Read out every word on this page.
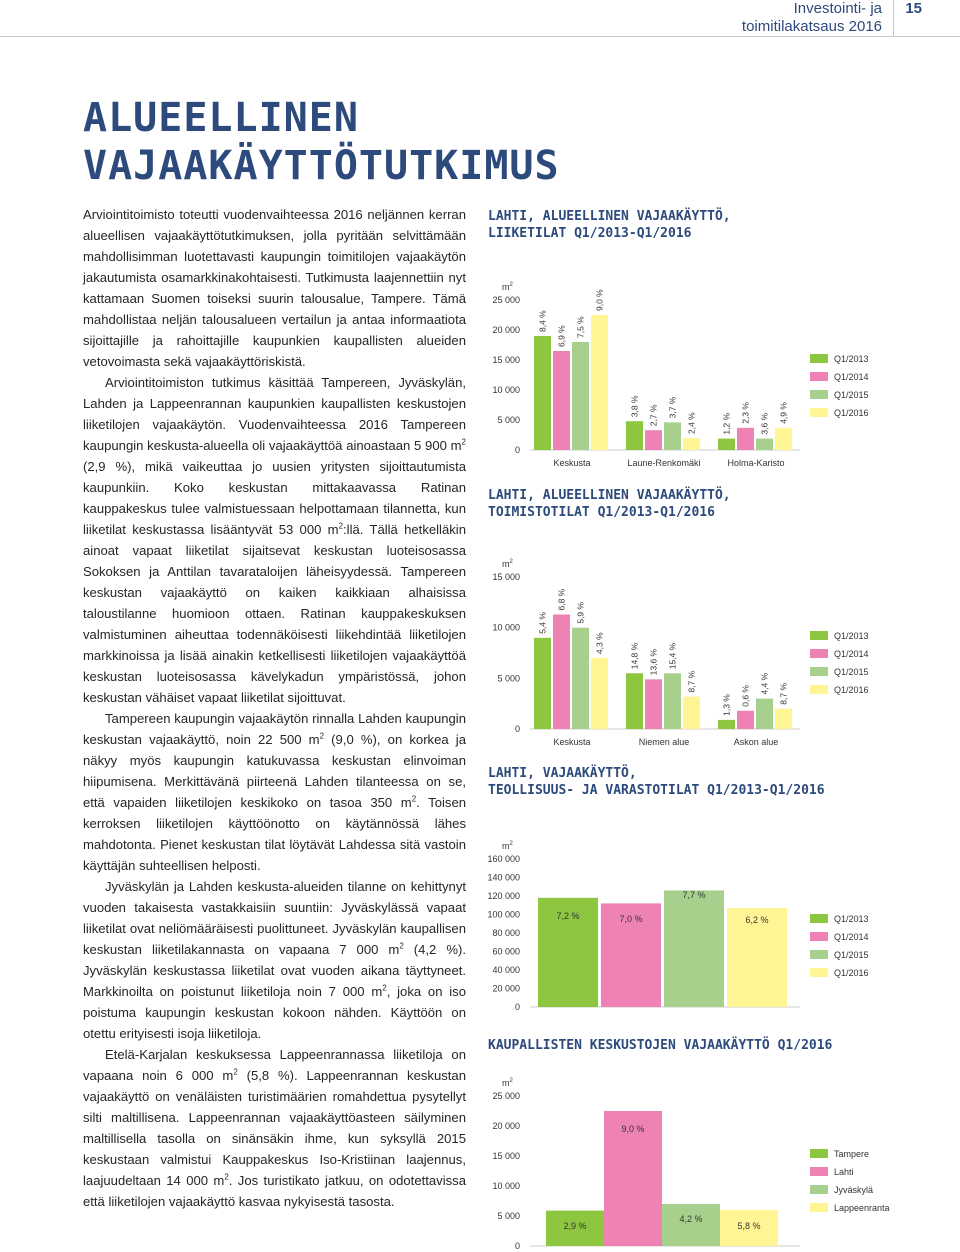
Investointi- ja
toimitilakatsaus 2016
15
ALUEELLINEN
VAJAAKÄYTTÖTUTKIMUS

Arviointitoimisto toteutti vuodenvaihteessa 2016 neljännen kerran alueellisen vajaakäyttötutkimuksen, jolla pyritään selvittämään mahdollisimman luotettavasti kaupungin toimitilojen vajaakäytön jakautumista osamarkkinakohtaisesti. Tutkimusta laajennettiin nyt kattamaan Suomen toiseksi suurin talousalue, Tampere. Tämä mahdollistaa neljän talousalueen vertailun ja antaa informaatiota sijoittajille ja rahoittajille kaupunkien kaupallisten alueiden vetovoimasta sekä vajaakäyttöriskistä.

Arviointitoimiston tutkimus käsittää Tampereen, Jyväskylän, Lahden ja Lappeenrannan kaupunkien kaupallisten keskustojen liiketilojen vajaakäytön. Vuodenvaihteessa 2016 Tampereen kaupungin keskusta-alueella oli vajaakäyttöä ainoastaan 5 900 $m^2$ (2,9 %), mikä vaikeuttaa jo uusien yritysten sijoittautumista kaupunkiin. Koko keskustan mittakaavassa Ratinan kauppakeskus tulee valmistuessaan helpottamaan tilannetta, kun liiketilat keskustassa lisääntyvät 53 000 $m^2:llä$. Tällä hetkelläkin ainoat vapaat liiketilat sijaitsevat keskustan luoteisosassa Sokoksen ja Anttilan tavarataloijen läheisyydessä. Tampereen keskustan vajaakäyttö on kaiken kaikkiaan alhaisissa taloustilanne huomioon ottaen. Ratinan kauppakeskuksen valmistuminen aiheuttaa todennäköisesti liikehdintää liiketilojen markkinoissa ja lisää ainakin ketkellisesti liiketilojen vajaakäyttöä keskustan luoteisosassa kävelykadun ympäristössä, johon keskustan vähäiset vapaat liiketilat sijoittuvat.

Tampereen kaupungin vajaakäytön rinnalla Lahden kaupungin keskustan vajaakäyttö, noin 22 500 $m^2$ (9,0 %), on korkea ja näkyy myös kaupungin katukuvassa keskustan elinvoiman hiipumisena. Merkittävänä piirteenä Lahden tilanteessa on se, että vapaiden liiketilojen keskikoko on tasoa 350 $m^2$. Toisen kerroksen liiketilojen käyttöönotto on käytännössä lähes mahdotonta. Pienet keskustan tilat löytävät Lahdessa sitä vastoin käyttäjän suhteellisen helposti.

Jyväskylän ja Lahden keskusta-alueiden tilanne on kehittynyt vuoden takaisesta vastakkaisiin suuntiin: Jyväskylässä vapaat liiketilat ovat neliömääräisesti puolittuneet. Jyväskylän kaupallisen keskustan liiketilakannasta on vapaana 7 000 $m^2$ (4,2 %). Jyväskylän keskustassa liiketilat ovat vuoden aikana täyttyneet. Markkinoilta on poistunut liiketiloja noin 7 000 $m^2$, joka on iso poistuma kaupungin keskustan kokoon nähden. Käyttöön on otettu erityisesti isoja liiketiloja.

Etelä-Karjalan keskuksessa Lappeenrannassa liiketiloja on vapaana noin 6 000 $m^2$ (5,8 %). Lappeenrannan keskustan vajaakäyttö on venäläisten turistimäärien romahdettua pysytellyt silti maltillisena. Lappeenrannan vajaakäyttöasteen säilyminen maltillisella tasolla on sinänsäkin ihme, kun syksyllä 2015 keskustaan valmistui Kauppakeskus Iso-Kristiinan laajennus, laajuudeltaan 14 000 $m^2$. Jos turistikato jatkuu, on odotettavissa että liiketilojen vajaakäyttö kasvaa nykyisestä tasosta.

LAHTI, ALUEELLINEN VAJAAKÄYTTÖ,
LIIKETILAT Q1/2013-Q1/2016
$m^2$
0
5 000
10 000
15 000
20 000
25 000
8,4 %
6,9 % 7,5 %
9,0 %
Keskusta
3,8 % 2,7 % 3,7 %
2,4 %
Laune-Renkomäki
1,2 % 2,3 % 3,6 % 4,9 %
Holma-Karisto
Q1/2013
Q1/2014
Q1/2015
Q1/2016
LAHTI, ALUEELLINEN VAJAAKÄYTTÖ,
TOIMISTOTILAT Q1/2013-Q1/2016
$m^2$
0
5 000
10 000
15 000
5,4 %
6,8 %
5,9 %
4,3 %
Keskusta
14,8 % 13,6 % 15,4 %
8,7 %
Niemen alue
1,3 % 0,6 %
4,4 % 8,7 %
Askon alue
Q1/2013
Q1/2014
Q1/2015
Q1/2016
LAHTI, VAJAAKÄYTTÖ,
TEOLLISUUS- JA VARASTOTILAT Q1/2013-Q1/2016
$m^2$
0
20 000
40 000
60 000
80 000
100 000
120 000
140 000
160 000
7,2 %	7,0 %
7,7 %
6,2 %	Q1/2013
Q1/2014
Q1/2015
Q1/2016
KAUPALLISTEN KESKUSTOJEN VAJAAKÄYTTÖ Q1/2016
$m^2$
0
5 000
10 000
15 000
20 000
25 000
2,9 %
9,0 %
4,2 %
5,8 %
Tampere
Lahti
Jyväskylä
Lappeenranta
